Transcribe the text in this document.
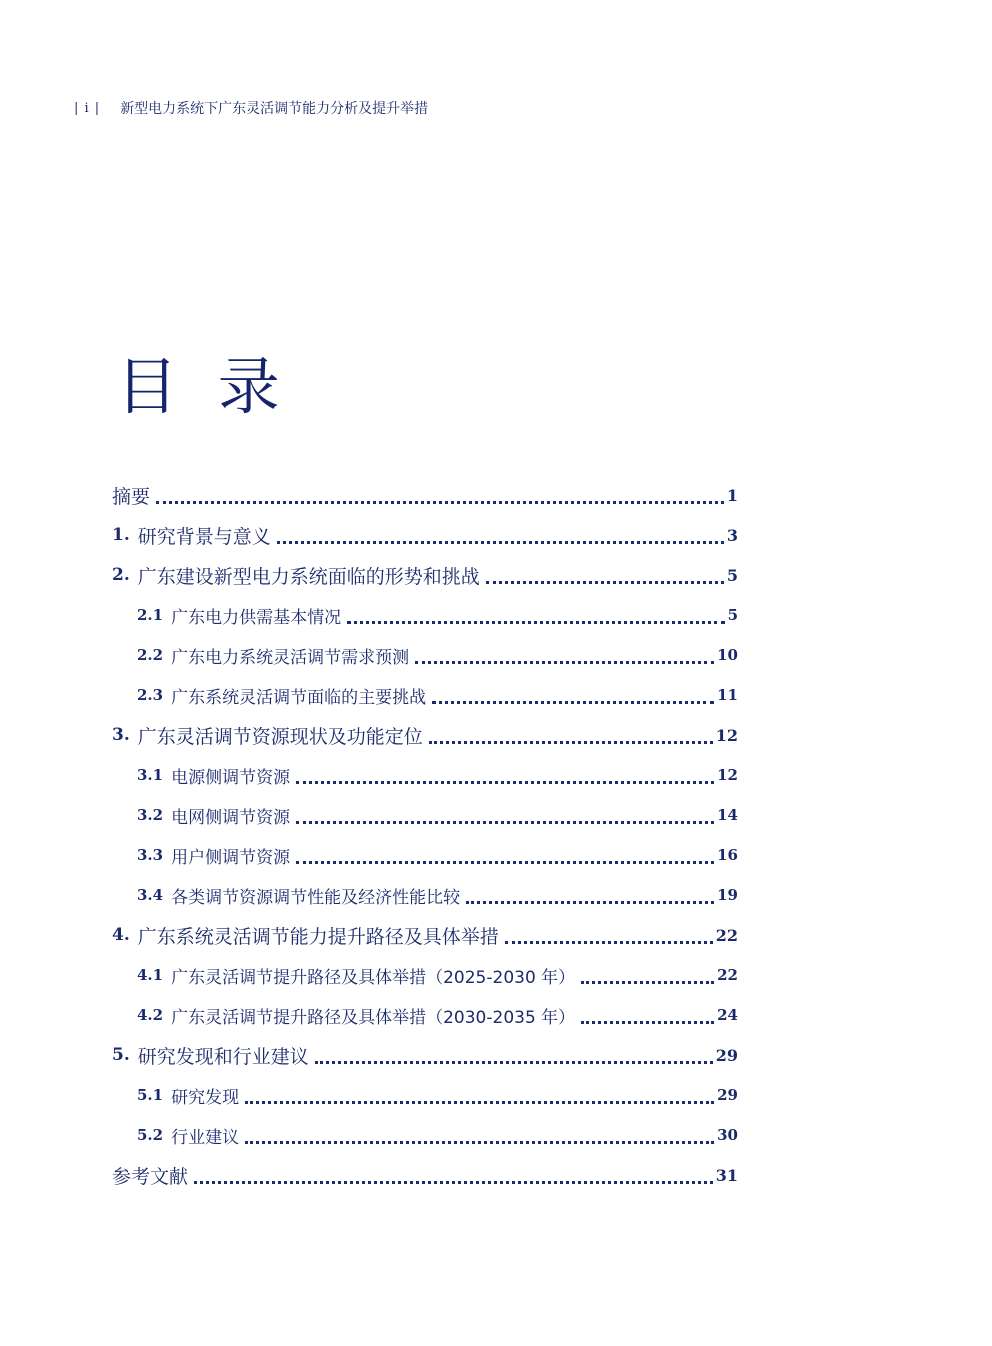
| i | 新型电力系统下广东灵活调节能力分析及提升举措
目 录
摘要	1
1. 研究背景与意义	3
2. 广东建设新型电力系统面临的形势和挑战	5
2.1 广东电力供需基本情况	5
2.2 广东电力系统灵活调节需求预测	10
2.3 广东系统灵活调节面临的主要挑战	11
3. 广东灵活调节资源现状及功能定位	12
3.1 电源侧调节资源	12
3.2 电网侧调节资源	14
3.3 用户侧调节资源	16
3.4 各类调节资源调节性能及经济性能比较	19
4. 广东系统灵活调节能力提升路径及具体举措	22
4.1 广东灵活调节提升路径及具体举措（2025-2030 年）	22
4.2 广东灵活调节提升路径及具体举措（2030-2035 年）	24
5. 研究发现和行业建议	29
5.1 研究发现	29
5.2 行业建议	30
参考文献	31
